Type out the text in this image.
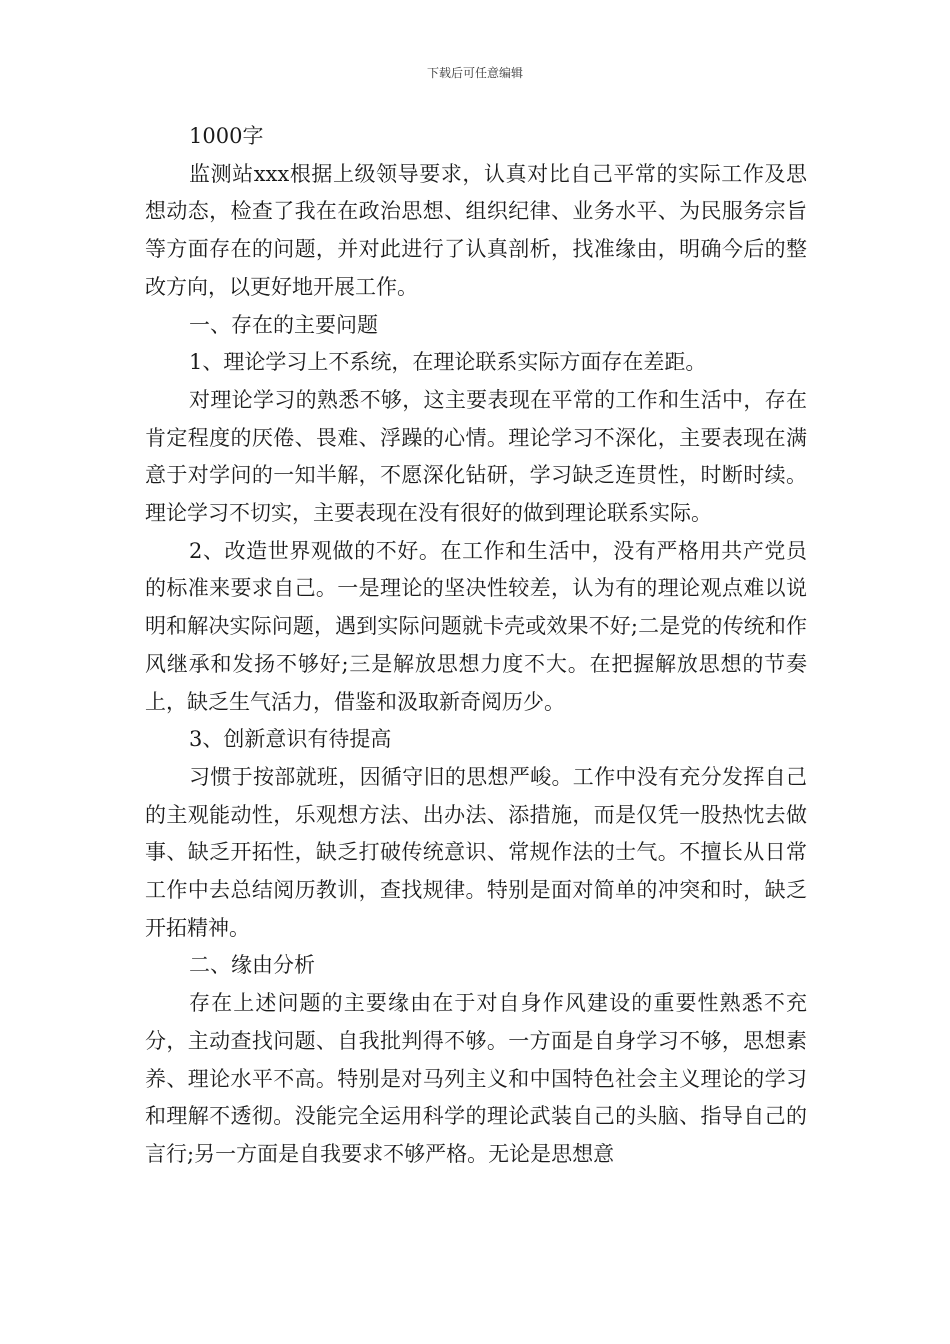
下载后可任意编辑

1000字

监测站xxx根据上级领导要求，认真对比自己平常的实际工作及思想动态，检查了我在在政治思想、组织纪律、业务水平、为民服务宗旨等方面存在的问题，并对此进行了认真剖析，找准缘由，明确今后的整改方向，以更好地开展工作。

一、存在的主要问题

1、理论学习上不系统，在理论联系实际方面存在差距。

对理论学习的熟悉不够，这主要表现在平常的工作和生活中，存在肯定程度的厌倦、畏难、浮躁的心情。理论学习不深化，主要表现在满意于对学问的一知半解，不愿深化钻研，学习缺乏连贯性，时断时续。理论学习不切实，主要表现在没有很好的做到理论联系实际。

2、改造世界观做的不好。在工作和生活中，没有严格用共产党员的标准来要求自己。一是理论的坚决性较差，认为有的理论观点难以说明和解决实际问题，遇到实际问题就卡壳或效果不好;二是党的传统和作风继承和发扬不够好;三是解放思想力度不大。在把握解放思想的节奏上，缺乏生气活力，借鉴和汲取新奇阅历少。

3、创新意识有待提高

习惯于按部就班，因循守旧的思想严峻。工作中没有充分发挥自己的主观能动性，乐观想方法、出办法、添措施，而是仅凭一股热忱去做事、缺乏开拓性，缺乏打破传统意识、常规作法的士气。不擅长从日常工作中去总结阅历教训，查找规律。特别是面对简单的冲突和时，缺乏开拓精神。

二、缘由分析

存在上述问题的主要缘由在于对自身作风建设的重要性熟悉不充分，主动查找问题、自我批判得不够。一方面是自身学习不够，思想素养、理论水平不高。特别是对马列主义和中国特色社会主义理论的学习和理解不透彻。没能完全运用科学的理论武装自己的头脑、指导自己的言行;另一方面是自我要求不够严格。无论是思想意
